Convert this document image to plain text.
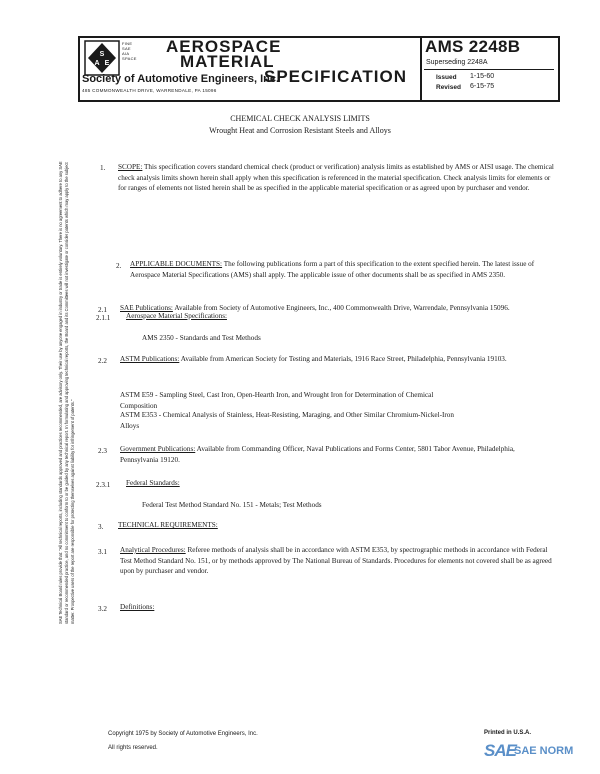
S
A E
FINE
SAE
AIA
SPACE
AEROSPACE
MATERIAL
SPECIFICATION
Society of Automotive Engineers, Inc.
485 COMMONWEALTH DRIVE, WARRENDALE, PA 15096
AMS 2248B
Superseding 2248A
Issued 1-15-60
Revised 6-15-75
CHEMICAL CHECK ANALYSIS LIMITS
Wrought Heat and Corrosion Resistant Steels and Alloys
1. SCOPE: This specification covers standard chemical check (product or verification) analysis limits as established by AMS or AISI usage. The chemical check analysis limits shown herein shall apply when this specification is referenced in the material specification. Check analysis limits for elements or for ranges of elements not listed herein shall be as specified in the applicable material specification or as agreed upon by purchaser and vendor.
2. APPLICABLE DOCUMENTS: The following publications form a part of this specification to the extent specified herein. The latest issue of Aerospace Material Specifications (AMS) shall apply. The applicable issue of other documents shall be as specified in AMS 2350.
2.1 SAE Publications: Available from Society of Automotive Engineers, Inc., 400 Commonwealth Drive, Warrendale, Pennsylvania 15096.
2.1.1 Aerospace Material Specifications:
AMS 2350 - Standards and Test Methods
2.2 ASTM Publications: Available from American Society for Testing and Materials, 1916 Race Street, Philadelphia, Pennsylvania 19103.
ASTM E59 - Sampling Steel, Cast Iron, Open-Hearth Iron, and Wrought Iron for Determination of Chemical Composition
ASTM E353 - Chemical Analysis of Stainless, Heat-Resisting, Maraging, and Other Similar Chromium-Nickel-Iron Alloys
2.3 Government Publications: Available from Commanding Officer, Naval Publications and Forms Center, 5801 Tabor Avenue, Philadelphia, Pennsylvania 19120.
2.3.1 Federal Standards:
Federal Test Method Standard No. 151 - Metals; Test Methods
3. TECHNICAL REQUIREMENTS:
3.1 Analytical Procedures: Referee methods of analysis shall be in accordance with ASTM E353, by spectrographic methods in accordance with Federal Test Method Standard No. 151, or by methods approved by The National Bureau of Standards. Procedures for elements not covered shall be as agreed upon by purchaser and vendor.
3.2 Definitions:
SAE Technical Board rules provide that: "All technical reports, including standards approved and practices recommended, are advisory only. Their use by anyone engaged in industry or trade is entirely voluntary. There is no agreement to adhere to any SAE standard or recommended practice, and no commitment to conform to or be guided by any technical report. In formulating and approving technical reports, the Board and its Committees will not investigate or consider patents which may apply to the subject matter. Prospective users of the report are responsible for protecting themselves against liability for infringement of patents."
Copyright 1975 by Society of Automotive Engineers, Inc.
All rights reserved.
Printed in U.S.A.
SAE
SAE NORM
